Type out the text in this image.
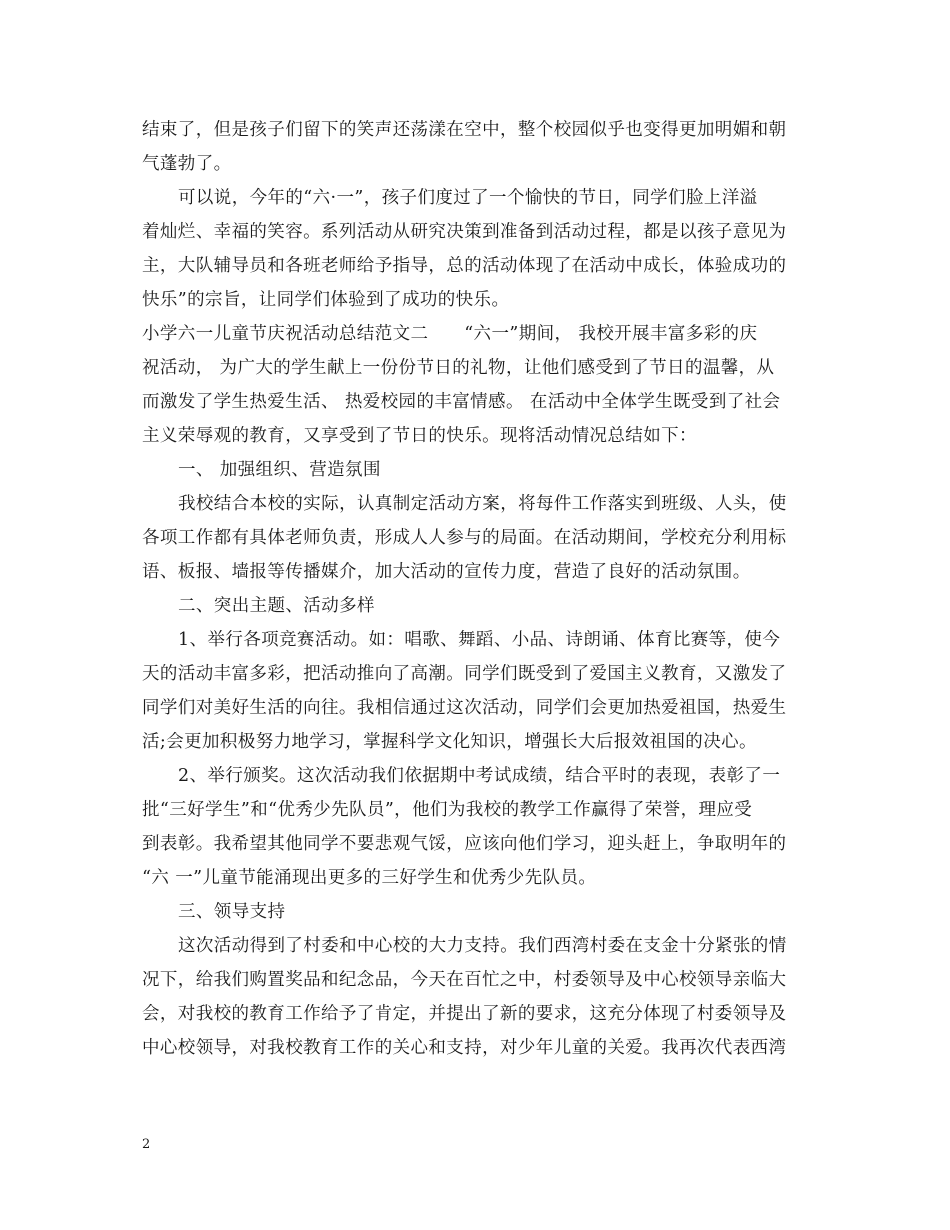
结束了，但是孩子们留下的笑声还荡漾在空中，整个校园似乎也变得更加明媚和朝
气蓬勃了。
可以说，今年的“六·一”，孩子们度过了一个愉快的节日，同学们脸上洋溢
着灿烂、幸福的笑容。系列活动从研究决策到准备到活动过程，都是以孩子意见为
主，大队辅导员和各班老师给予指导，总的活动体现了在活动中成长，体验成功的
快乐”的宗旨，让同学们体验到了成功的快乐。
小学六一儿童节庆祝活动总结范文二　　“六一”期间， 我校开展丰富多彩的庆
祝活动， 为广大的学生献上一份份节日的礼物，让他们感受到了节日的温馨，从
而激发了学生热爱生活、 热爱校园的丰富情感。 在活动中全体学生既受到了社会
主义荣辱观的教育，又享受到了节日的快乐。现将活动情况总结如下：
一、 加强组织、营造氛围
我校结合本校的实际，认真制定活动方案，将每件工作落实到班级、人头，使
各项工作都有具体老师负责，形成人人参与的局面。在活动期间，学校充分利用标
语、板报、墙报等传播媒介，加大活动的宣传力度，营造了良好的活动氛围。
二、突出主题、活动多样
1、举行各项竞赛活动。如：唱歌、舞蹈、小品、诗朗诵、体育比赛等，使今
天的活动丰富多彩，把活动推向了高潮。同学们既受到了爱国主义教育，又激发了
同学们对美好生活的向往。我相信通过这次活动，同学们会更加热爱祖国，热爱生
活;会更加积极努力地学习，掌握科学文化知识，增强长大后报效祖国的决心。
2、举行颁奖。这次活动我们依据期中考试成绩，结合平时的表现，表彰了一
批“三好学生”和“优秀少先队员”，他们为我校的教学工作赢得了荣誉，理应受
到表彰。我希望其他同学不要悲观气馁，应该向他们学习，迎头赶上，争取明年的
“六 一”儿童节能涌现出更多的三好学生和优秀少先队员。
三、领导支持
这次活动得到了村委和中心校的大力支持。我们西湾村委在支金十分紧张的情
况下，给我们购置奖品和纪念品，今天在百忙之中，村委领导及中心校领导亲临大
会，对我校的教育工作给予了肯定，并提出了新的要求，这充分体现了村委领导及
中心校领导，对我校教育工作的关心和支持，对少年儿童的关爱。我再次代表西湾
2
